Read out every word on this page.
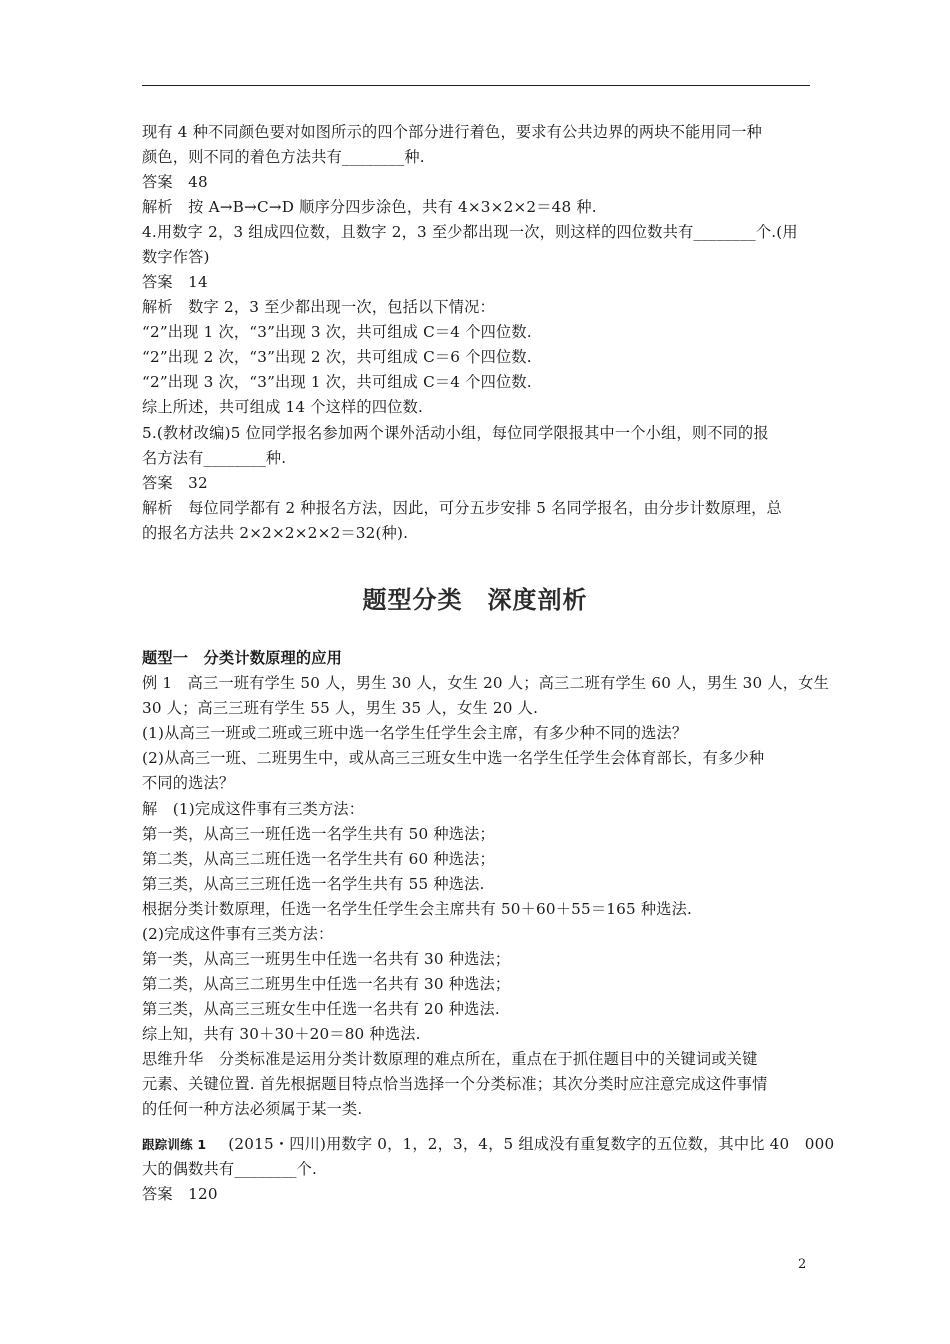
现有 4 种不同颜色要对如图所示的四个部分进行着色，要求有公共边界的两块不能用同一种
颜色，则不同的着色方法共有________种.
答案　48
解析　按 A→B→C→D 顺序分四步涂色，共有 4×3×2×2＝48 种.
4.用数字 2，3 组成四位数，且数字 2，3 至少都出现一次，则这样的四位数共有________个.(用
数字作答)
答案　14
解析　数字 2，3 至少都出现一次，包括以下情况：
“2”出现 1 次，“3”出现 3 次，共可组成 C＝4 个四位数.
“2”出现 2 次，“3”出现 2 次，共可组成 C＝6 个四位数.
“2”出现 3 次，“3”出现 1 次，共可组成 C＝4 个四位数.
综上所述，共可组成 14 个这样的四位数.
5.(教材改编)5 位同学报名参加两个课外活动小组，每位同学限报其中一个小组，则不同的报
名方法有________种.
答案　32
解析　每位同学都有 2 种报名方法，因此，可分五步安排 5 名同学报名，由分步计数原理，总
的报名方法共 2×2×2×2×2＝32(种).
题型分类　深度剖析
题型一　分类计数原理的应用
例 1　高三一班有学生 50 人，男生 30 人，女生 20 人；高三二班有学生 60 人，男生 30 人，女生
30 人；高三三班有学生 55 人，男生 35 人，女生 20 人.
(1)从高三一班或二班或三班中选一名学生任学生会主席，有多少种不同的选法？
(2)从高三一班、二班男生中，或从高三三班女生中选一名学生任学生会体育部长，有多少种
不同的选法？
解　(1)完成这件事有三类方法：
第一类，从高三一班任选一名学生共有 50 种选法；
第二类，从高三二班任选一名学生共有 60 种选法；
第三类，从高三三班任选一名学生共有 55 种选法.
根据分类计数原理，任选一名学生任学生会主席共有 50＋60＋55＝165 种选法.
(2)完成这件事有三类方法：
第一类，从高三一班男生中任选一名共有 30 种选法；
第二类，从高三二班男生中任选一名共有 30 种选法；
第三类，从高三三班女生中任选一名共有 20 种选法.
综上知，共有 30＋30＋20＝80 种选法.
思维升华　分类标准是运用分类计数原理的难点所在，重点在于抓住题目中的关键词或关键
元素、关键位置. 首先根据题目特点恰当选择一个分类标准；其次分类时应注意完成这件事情
的任何一种方法必须属于某一类.
跟踪训练 1 (2015・四川)用数字 0，1，2，3，4，5 组成没有重复数字的五位数，其中比 40　000
大的偶数共有________个.
答案　120
2
